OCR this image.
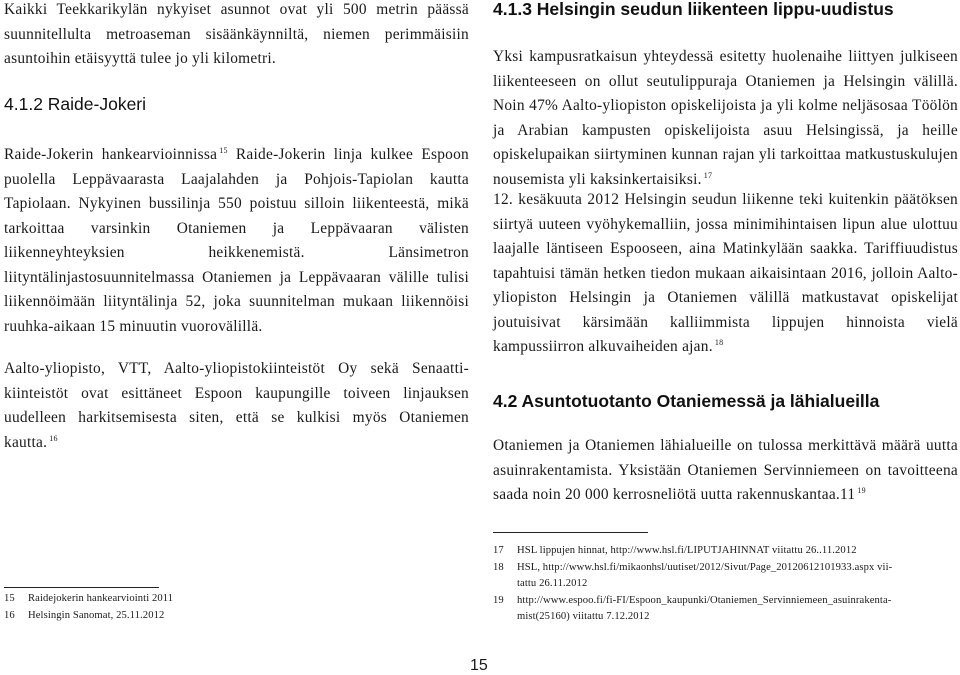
Kaikki Teekkarikylän nykyiset asunnot ovat yli 500 metrin päässä suunnitellulta metroaseman sisäänkäynniltä, niemen perimmäisiin asuntoihin etäisyyttä tulee jo yli kilometri.

4.1.2 Raide-Jokeri

Raide-Jokerin hankearvioinnissa $^{15}$ Raide-Jokerin linja kulkee Espoon puolella Leppävaarasta Laajalahden ja Pohjois-Tapiolan kautta Tapiolaan. Nykyinen bussilinja 550 poistuu silloin liikenteestä, mikä tarkoittaa varsinkin Otaniemen ja Leppävaaran välisten liikenneyhteyksien heikkenemistä. Länsimetron liityntälinjastosuunnitelmassa Otaniemen ja Leppävaaran välille tulisi liikennöimään liityntälinja 52, joka suunnitelman mukaan liikennöisi ruuhka-aikaan 15 minuutin vuorovälillä.

Aalto-yliopisto, VTT, Aalto-yliopistokiinteistöt Oy sekä Senaatti-kiinteistöt ovat esittäneet Espoon kaupungille toiveen linjauksen uudelleen harkitsemisesta siten, että se kulkisi myös Otaniemen kautta. $^{16}$

15 Raidejokerin hankearviointi 2011
16 Helsingin Sanomat, 25.11.2012
4.1.3 Helsingin seudun liikenteen lippu-uudistus

Yksi kampusratkaisun yhteydessä esitetty huolenaihe liittyen julkiseen liikenteeseen on ollut seutulippuraja Otaniemen ja Helsingin välillä. Noin 47% Aalto-yliopiston opiskelijoista ja yli kolme neljäsosaa Töölön ja Arabian kampusten opiskelijoista asuu Helsingissä, ja heille opiskelupaikan siirtyminen kunnan rajan yli tarkoittaa matkustuskulujen nousemista yli kaksinkertaisiksi. $^{17}$

12. kesäkuuta 2012 Helsingin seudun liikenne teki kuitenkin päätöksen siirtyä uuteen vyöhykemalliin, jossa minimihintaisen lipun alue ulottuu laajalle läntiseen Espooseen, aina Matinkylään saakka. Tariffiuudistus tapahtuisi tämän hetken tiedon mukaan aikaisintaan 2016, jolloin Aalto-yliopiston Helsingin ja Otaniemen välillä matkustavat opiskelijat joutuisivat kärsimään kalliimmista lippujen hinnoista vielä kampussiirron alkuvaiheiden ajan. $^{18}$

4.2 Asuntotuotanto Otaniemessä ja lähialueilla

Otaniemen ja Otaniemen lähialueille on tulossa merkittävä määrä uutta asuinrakentamista. Yksistään Otaniemen Servinniemeen on tavoitteena saada noin 20 000 kerrosneliötä uutta rakennuskantaa.11 $^{19}$

17 HSL lippujen hinnat, http://www.hsl.fi/LIPUTJAHINNAT viitattu 26..11.2012
18 HSL, http://www.hsl.fi/mikaonhsl/uutiset/2012/Sivut/Page_20120612101933.aspx vii-
tattu 26.11.2012
19 http://www.espoo.fi/fi-FI/Espoon_kaupunki/Otaniemen_Servinniemeen_asuinrakenta-
mist(25160) viitattu 7.12.2012
15
